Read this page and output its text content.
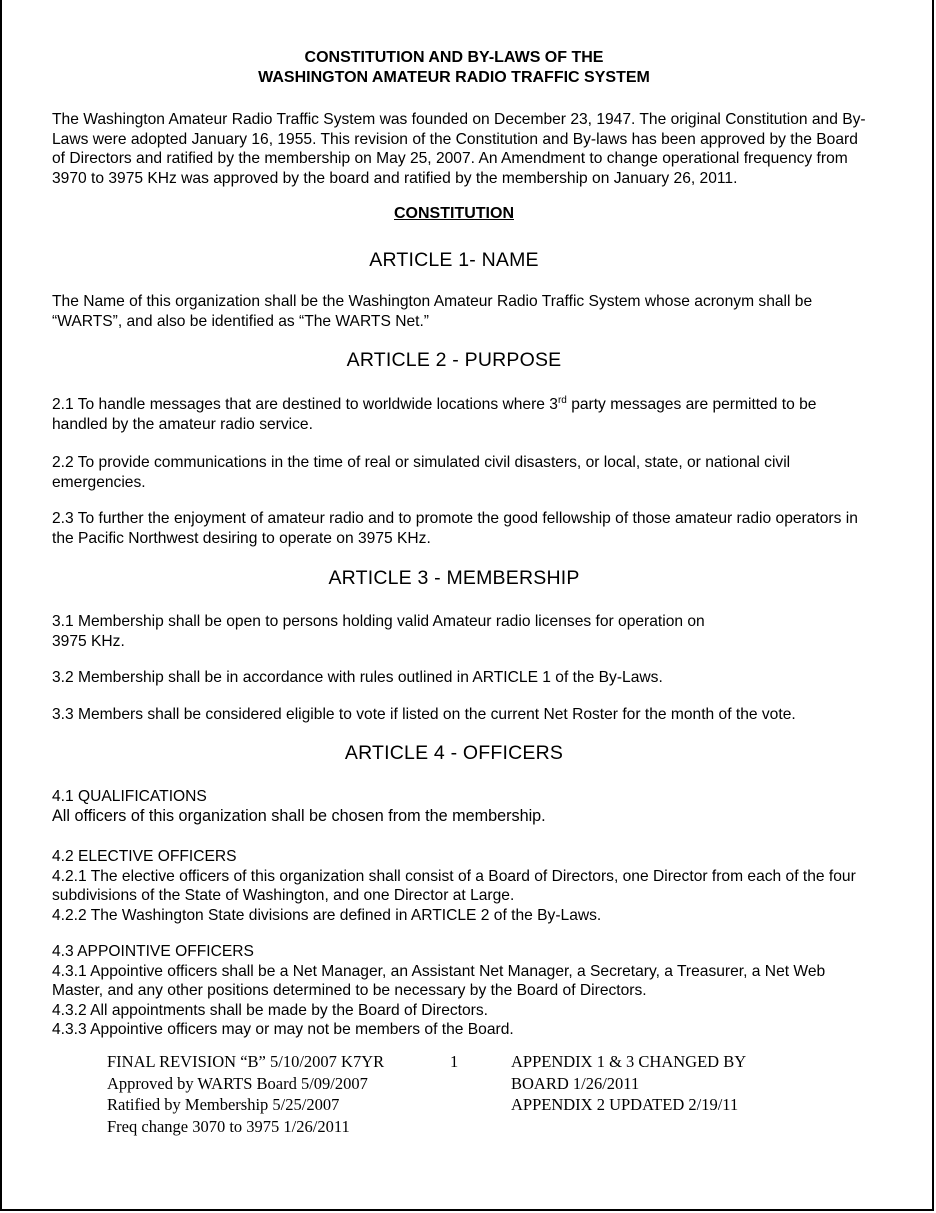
CONSTITUTION AND BY-LAWS OF THE
WASHINGTON AMATEUR RADIO TRAFFIC SYSTEM
The Washington Amateur Radio Traffic System was founded on December 23, 1947. The original Constitution and By-Laws were adopted January 16, 1955. This revision of the Constitution and By-laws has been approved by the Board of Directors and ratified by the membership on May 25, 2007. An Amendment to change operational frequency from 3970 to 3975 KHz was approved by the board and ratified by the membership on January 26, 2011.
CONSTITUTION
ARTICLE 1- NAME
The Name of this organization shall be the Washington Amateur Radio Traffic System whose acronym shall be “WARTS”, and also be identified as “The WARTS Net.”
ARTICLE 2 - PURPOSE

2.1 To handle messages that are destined to worldwide locations where 3rd party messages are permitted to be handled by the amateur radio service.

2.2 To provide communications in the time of real or simulated civil disasters, or local, state, or national civil emergencies.
2.3 To further the enjoyment of amateur radio and to promote the good fellowship of those amateur radio operators in the Pacific Northwest desiring to operate on 3975 KHz.
ARTICLE 3 - MEMBERSHIP
3.1 Membership shall be open to persons holding valid Amateur radio licenses for operation on
3975 KHz.
3.2 Membership shall be in accordance with rules outlined in ARTICLE 1 of the By-Laws.
3.3 Members shall be considered eligible to vote if listed on the current Net Roster for the month of the vote.
ARTICLE 4 - OFFICERS
4.1 QUALIFICATIONS
All officers of this organization shall be chosen from the membership.
4.2 ELECTIVE OFFICERS
4.2.1 The elective officers of this organization shall consist of a Board of Directors, one Director from each of the four subdivisions of the State of Washington, and one Director at Large.
4.2.2 The Washington State divisions are defined in ARTICLE 2 of the By-Laws.
4.3 APPOINTIVE OFFICERS
4.3.1 Appointive officers shall be a Net Manager, an Assistant Net Manager, a Secretary, a Treasurer, a Net Web Master, and any other positions determined to be necessary by the Board of Directors.
4.3.2 All appointments shall be made by the Board of Directors.
4.3.3 Appointive officers may or may not be members of the Board.
FINAL REVISION “B” 5/10/2007 K7YR
Approved by WARTS Board 5/09/2007
Ratified by Membership 5/25/2007
Freq change 3070 to 3975 1/26/2011
1	APPENDIX 1 & 3 CHANGED BY
BOARD 1/26/2011
APPENDIX 2 UPDATED 2/19/11
